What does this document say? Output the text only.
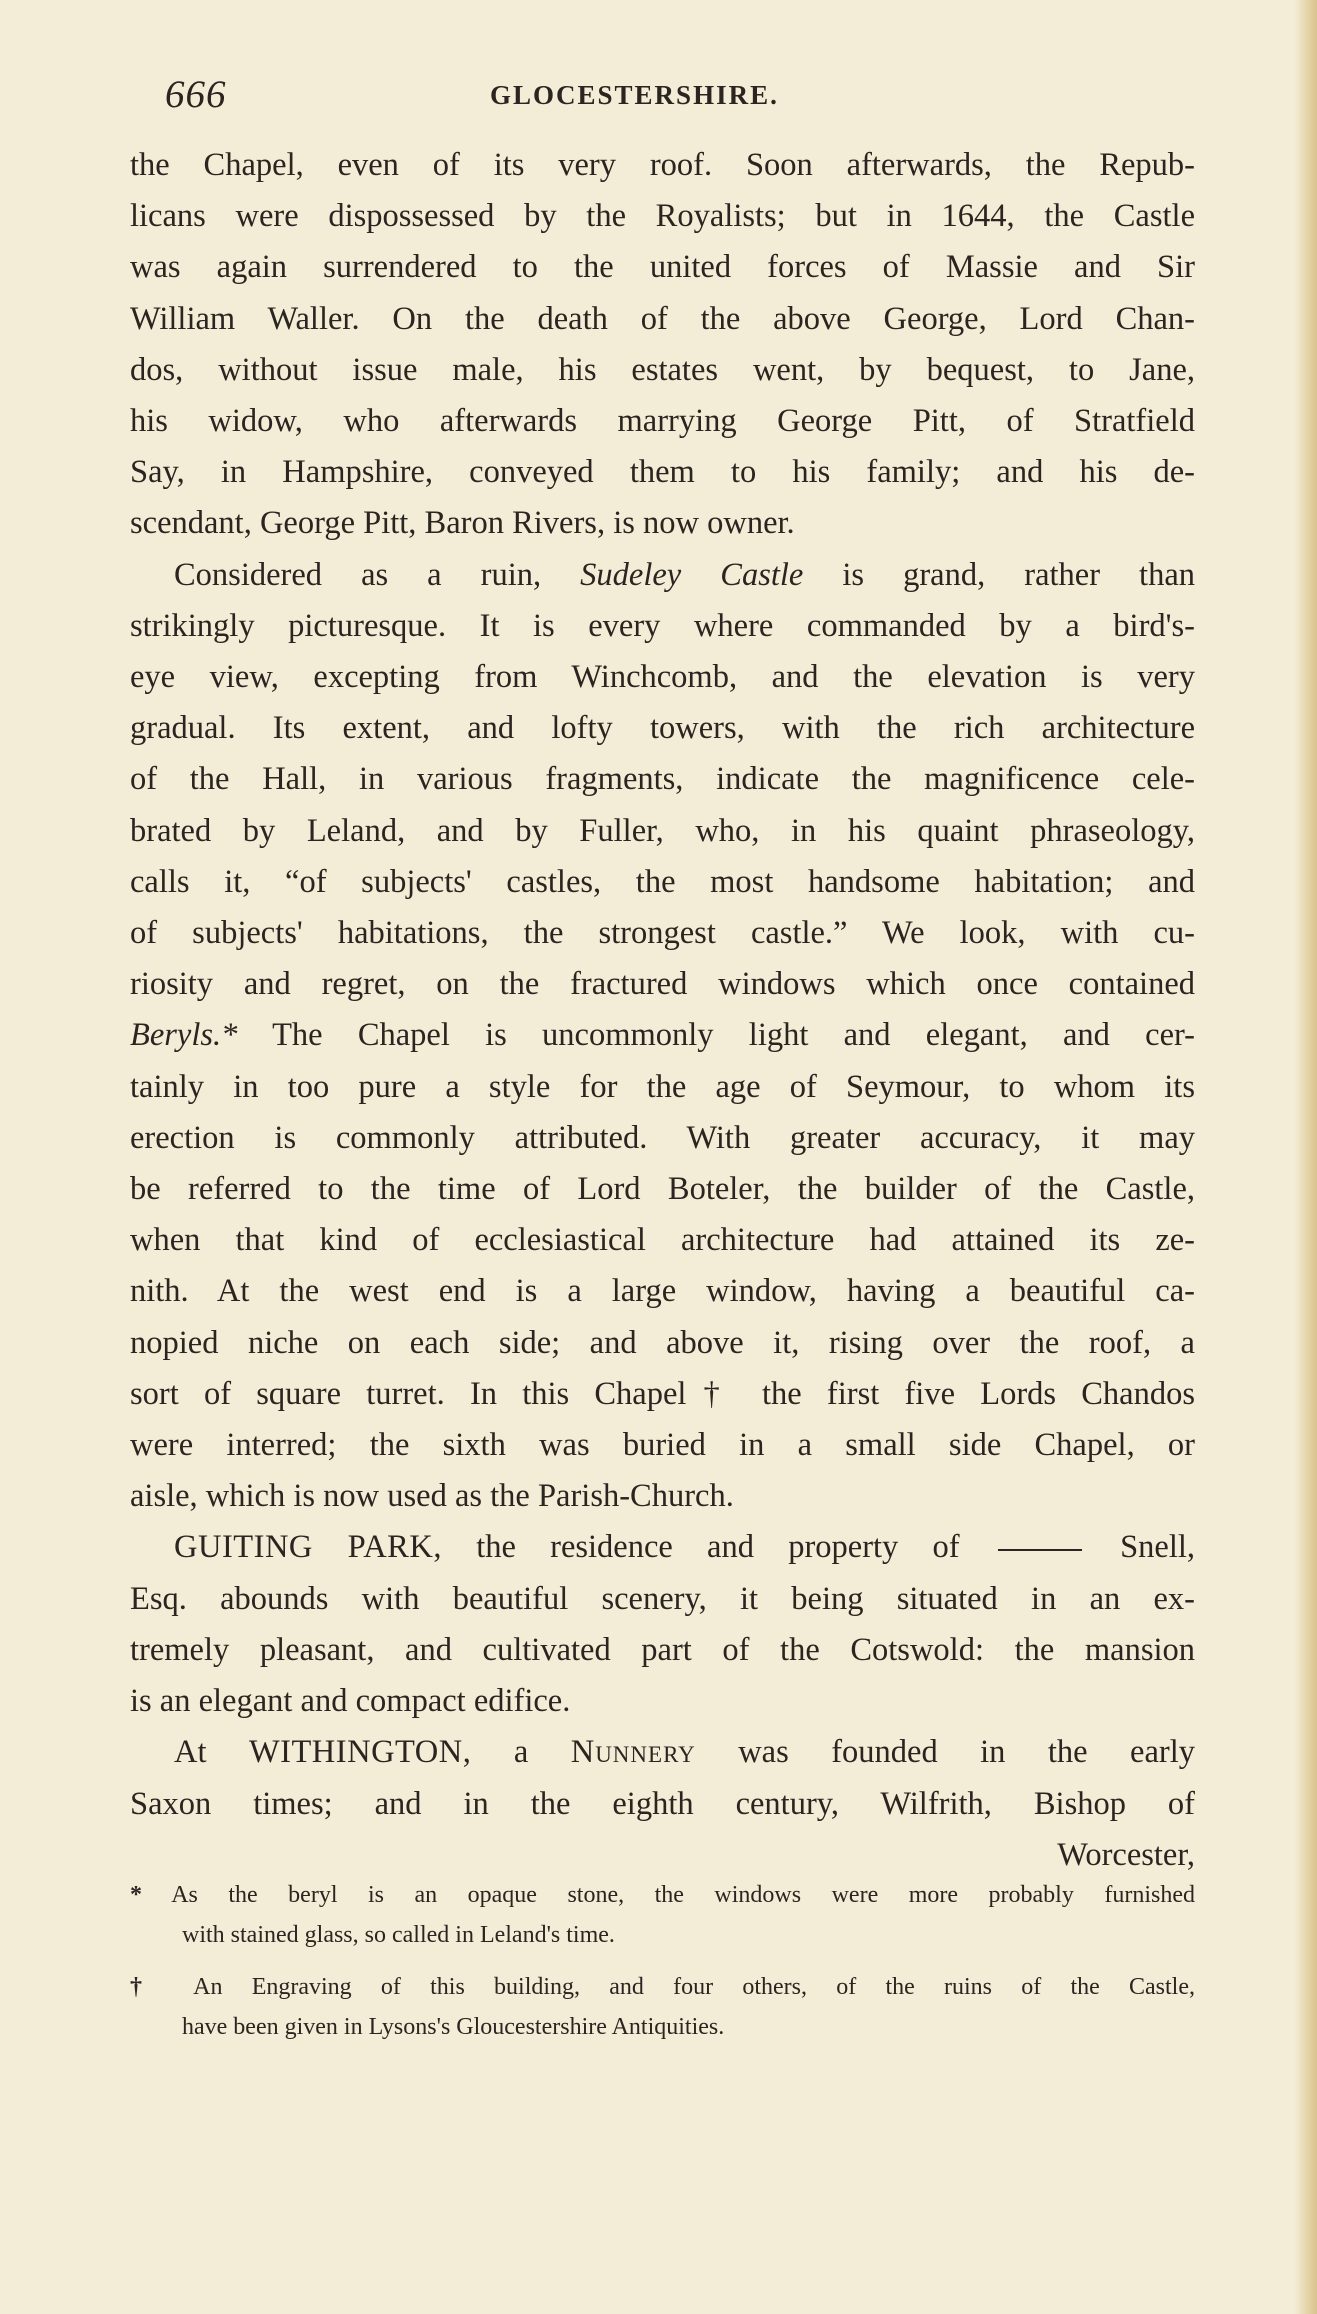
666	GLOCESTERSHIRE.
the Chapel, even of its very roof. Soon afterwards, the Repub-
licans were dispossessed by the Royalists; but in 1644, the Castle
was again surrendered to the united forces of Massie and Sir
William Waller. On the death of the above George, Lord Chan-
dos, without issue male, his estates went, by bequest, to Jane,
his widow, who afterwards marrying George Pitt, of Stratfield
Say, in Hampshire, conveyed them to his family; and his de-
scendant, George Pitt, Baron Rivers, is now owner.
Considered as a ruin, Sudeley Castle is grand, rather than
strikingly picturesque. It is every where commanded by a bird's-
eye view, excepting from Winchcomb, and the elevation is very
gradual. Its extent, and lofty towers, with the rich architecture
of the Hall, in various fragments, indicate the magnificence cele-
brated by Leland, and by Fuller, who, in his quaint phraseology,
calls it, “of subjects' castles, the most handsome habitation; and
of subjects' habitations, the strongest castle.” We look, with cu-
riosity and regret, on the fractured windows which once contained
Beryls.* The Chapel is uncommonly light and elegant, and cer-
tainly in too pure a style for the age of Seymour, to whom its
erection is commonly attributed. With greater accuracy, it may
be referred to the time of Lord Boteler, the builder of the Castle,
when that kind of ecclesiastical architecture had attained its ze-
nith. At the west end is a large window, having a beautiful ca-
nopied niche on each side; and above it, rising over the roof, a
sort of square turret. In this Chapel† the first five Lords Chandos
were interred; the sixth was buried in a small side Chapel, or
aisle, which is now used as the Parish-Church.
GUITING PARK, the residence and property of	Snell,
Esq. abounds with beautiful scenery, it being situated in an ex-
tremely pleasant, and cultivated part of the Cotswold: the mansion
is an elegant and compact edifice.
At WITHINGTON, a Nunnery was founded in the early
Saxon times; and in the eighth century, Wilfrith, Bishop of
Worcester,
* As the beryl is an opaque stone, the windows were more probably furnished
with stained glass, so called in Leland's time.
† An Engraving of this building, and four others, of the ruins of the Castle,
have been given in Lysons's Gloucestershire Antiquities.
